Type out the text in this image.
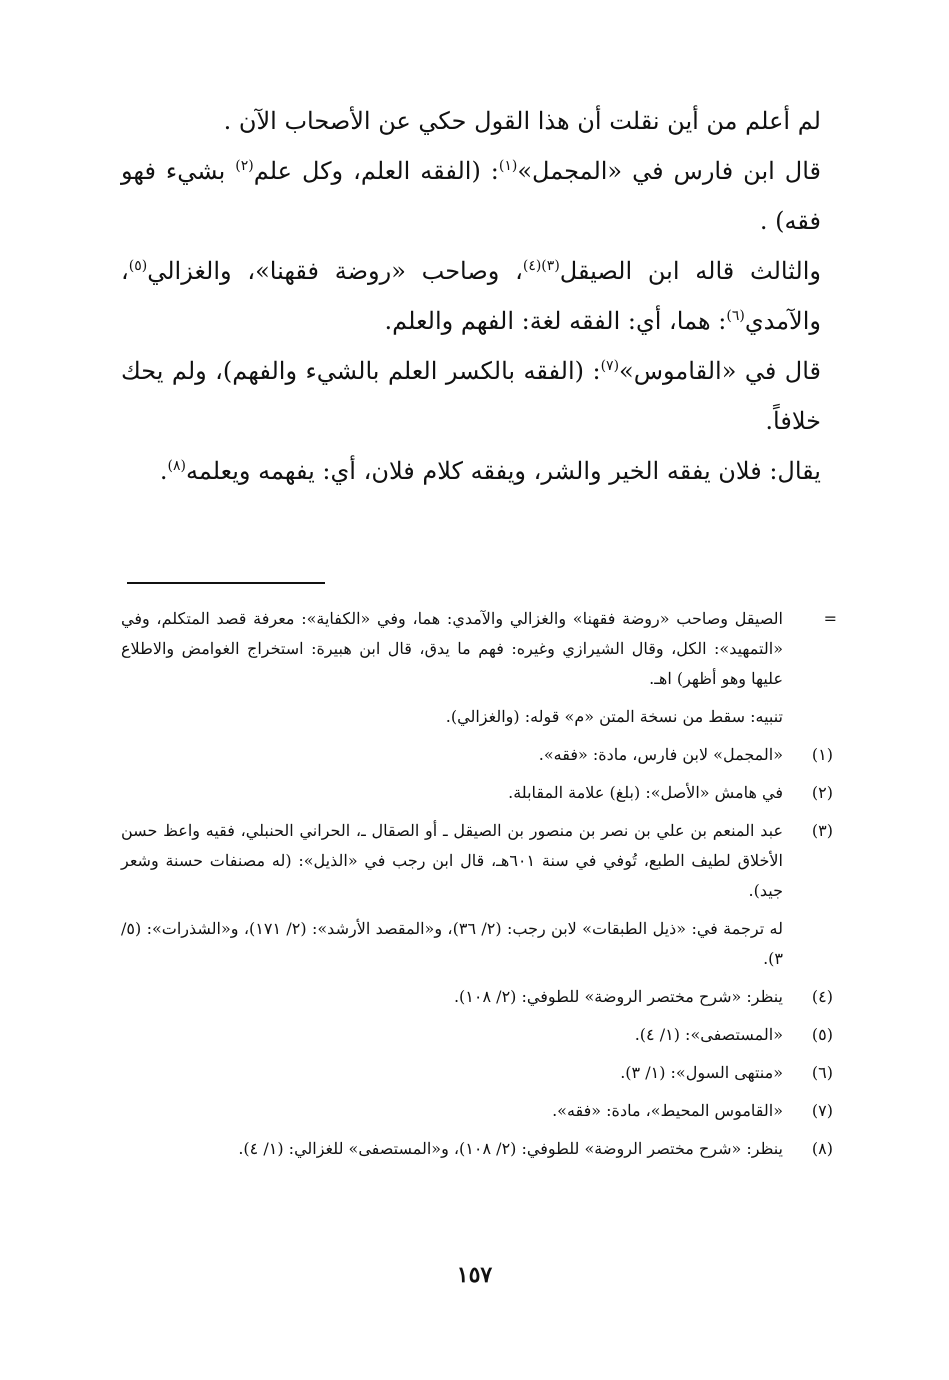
لم أعلم من أين نقلت أن هذا القول حكي عن الأصحاب الآن .

قال ابن فارس في «المجمل»$^{(١)}$: (الفقه العلم، وكل علم$^{(٢)}$ بشيء فهو فقه) .

والثالث قاله ابن الصيقل$^{(٣)(٤)}$، وصاحب «روضة فقهنا»، والغزالي$^{(٥)}$، والآمدي$^{(٦)}$: هما، أي: الفقه لغة: الفهم والعلم.

قال في «القاموس»$^{(٧)}$: (الفقه بالكسر العلم بالشيء والفهم)، ولم يحك خلافاً.

يقال: فلان يفقه الخير والشر، ويفقه كلام فلان، أي: يفهمه ويعلمه$^{(٨)}$.

=
الصيقل وصاحب «روضة فقهنا» والغزالي والآمدي: هما، وفي «الكفاية»: معرفة قصد المتكلم، وفي «التمهيد»: الكل، وقال الشيرازي وغيره: فهم ما يدق، قال ابن هبيرة: استخراج الغوامض والاطلاع عليها وهو أظهر) اهـ.

تنبيه: سقط من نسخة المتن «م» قوله: (والغزالي).

(١)
«المجمل» لابن فارس، مادة: «فقه».

(٢)
في هامش «الأصل»: (بلغ) علامة المقابلة.

(٣)
عبد المنعم بن علي بن نصر بن منصور بن الصيقل ـ أو الصقال ـ، الحراني الحنبلي، فقيه واعظ حسن الأخلاق لطيف الطبع، تُوفي في سنة ٦٠١هـ، قال ابن رجب في «الذيل»: (له مصنفات حسنة وشعر جيد).

له ترجمة في: «ذيل الطبقات» لابن رجب: (٢/ ٣٦)، و«المقصد الأرشد»: (٢/ ١٧١)، و«الشذرات»: (٥/ ٣).

(٤)
ينظر: «شرح مختصر الروضة» للطوفي: (٢/ ١٠٨).

(٥)
«المستصفى»: (١/ ٤).

(٦)
«منتهى السول»: (١/ ٣).

(٧)
«القاموس المحيط»، مادة: «فقه».

(٨)
ينظر: «شرح مختصر الروضة» للطوفي: (٢/ ١٠٨)، و«المستصفى» للغزالي: (١/ ٤).

١٥٧
